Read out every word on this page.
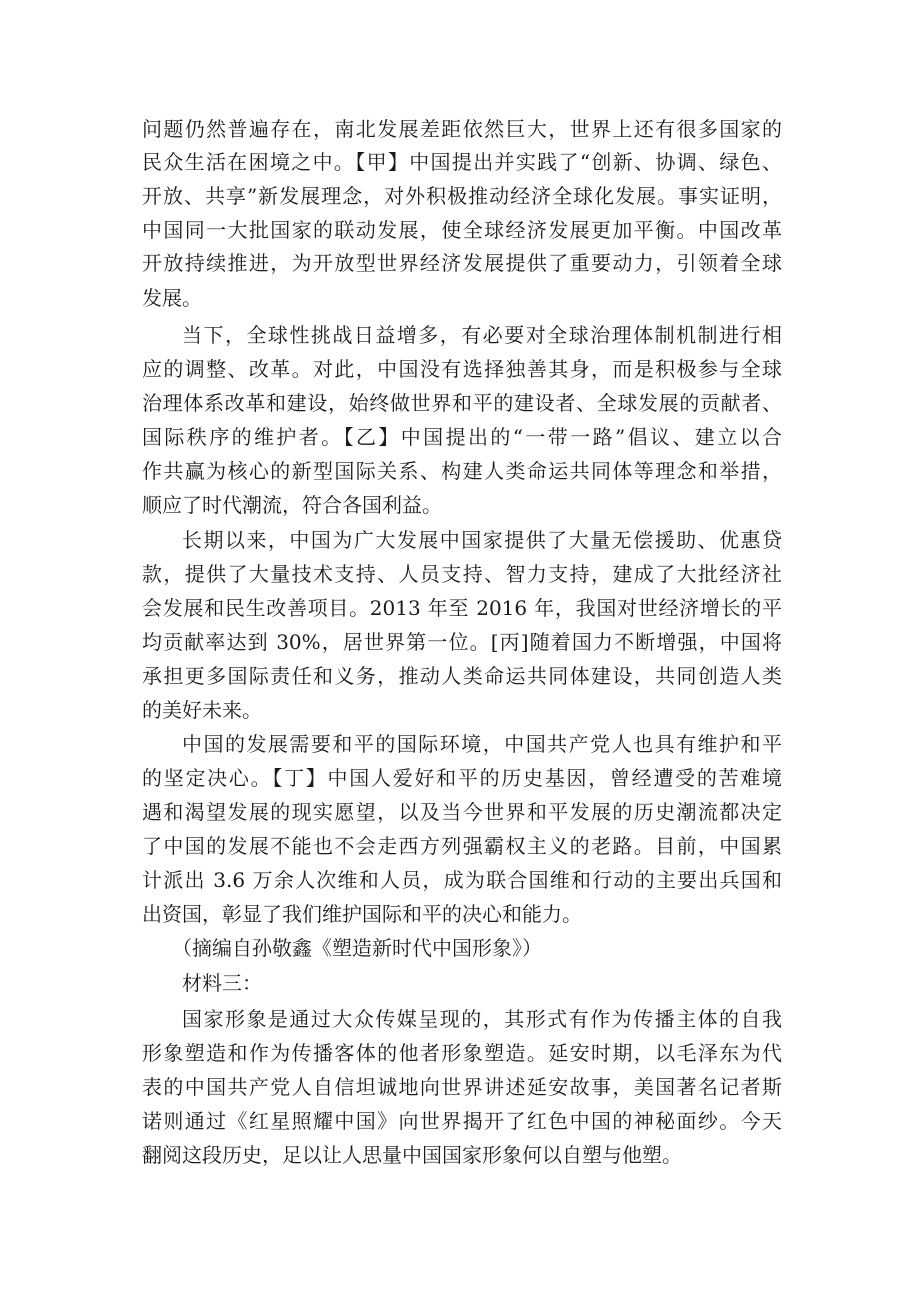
问题仍然普遍存在，南北发展差距依然巨大，世界上还有很多国家的
民众生活在困境之中。【甲】中国提出并实践了“创新、协调、绿色、
开放、共享”新发展理念，对外积极推动经济全球化发展。事实证明，
中国同一大批国家的联动发展，使全球经济发展更加平衡。中国改革
开放持续推进，为开放型世界经济发展提供了重要动力，引领着全球
发展。
当下，全球性挑战日益增多，有必要对全球治理体制机制进行相
应的调整、改革。对此，中国没有选择独善其身，而是积极参与全球
治理体系改革和建设，始终做世界和平的建设者、全球发展的贡献者、
国际秩序的维护者。【乙】中国提出的“一带一路”倡议、建立以合
作共赢为核心的新型国际关系、构建人类命运共同体等理念和举措，
顺应了时代潮流，符合各国利益。
长期以来，中国为广大发展中国家提供了大量无偿援助、优惠贷
款，提供了大量技术支持、人员支持、智力支持，建成了大批经济社
会发展和民生改善项目。2013 年至 2016 年，我国对世经济增长的平
均贡献率达到 30%，居世界第一位。[丙]随着国力不断增强，中国将
承担更多国际责任和义务，推动人类命运共同体建设，共同创造人类
的美好未来。
中国的发展需要和平的国际环境，中国共产党人也具有维护和平
的坚定决心。【丁】中国人爱好和平的历史基因，曾经遭受的苦难境
遇和渴望发展的现实愿望，以及当今世界和平发展的历史潮流都决定
了中国的发展不能也不会走西方列强霸权主义的老路。目前，中国累
计派出 3.6 万余人次维和人员，成为联合国维和行动的主要出兵国和
出资国，彰显了我们维护国际和平的决心和能力。
（摘编自孙敬鑫《塑造新时代中国形象》）
材料三：
国家形象是通过大众传媒呈现的，其形式有作为传播主体的自我
形象塑造和作为传播客体的他者形象塑造。延安时期，以毛泽东为代
表的中国共产党人自信坦诚地向世界讲述延安故事，美国著名记者斯
诺则通过《红星照耀中国》向世界揭开了红色中国的神秘面纱。今天
翻阅这段历史，足以让人思量中国国家形象何以自塑与他塑。
